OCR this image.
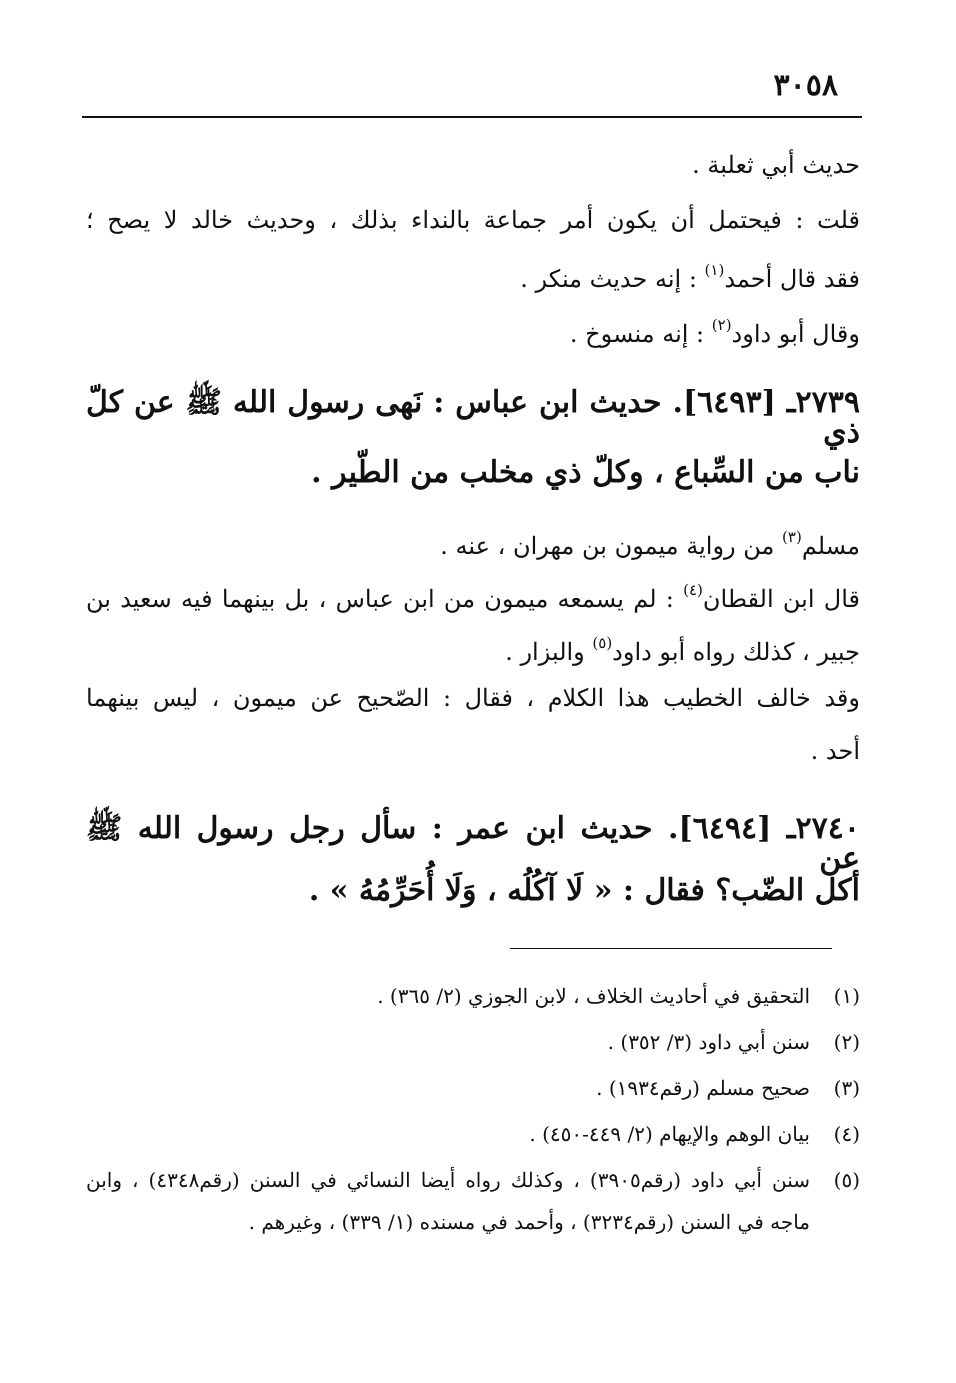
٣٠٥٨
حديث أبي ثعلبة .
قلت : فيحتمل أن يكون أمر جماعة بالنداء بذلك ، وحديث خالد لا يصح ؛
فقد قال أحمد$^{(١)}$ : إنه حديث منكر .
وقال أبو داود$^{(٢)}$ : إنه منسوخ .
٢٧٣٩ـ [٦٤٩٣]. حديث ابن عباس : نَهى رسول الله ﷺ عن كلّ ذي
ناب من السِّباع ، وكلّ ذي مخلب من الطّير .
مسلم$^{(٣)}$ من رواية ميمون بن مهران ، عنه .
قال ابن القطان$^{(٤)}$ : لم يسمعه ميمون من ابن عباس ، بل بينهما فيه سعيد بن
جبير ، كذلك رواه أبو داود$^{(٥)}$ والبزار .
وقد خالف الخطيب هذا الكلام ، فقال : الصّحيح عن ميمون ، ليس بينهما
أحد .
٢٧٤٠ـ [٦٤٩٤]. حديث ابن عمر : سأل رجل رسول الله ﷺ عن
أكل الضّب؟ فقال : « لَا آكُلُه ، وَلَا أُحَرِّمُهُ » .
(١)التحقيق في أحاديث الخلاف ، لابن الجوزي (٢/ ٣٦٥) .
(٢)سنن أبي داود (٣/ ٣٥٢) .
(٣)صحيح مسلم (رقم١٩٣٤) .
(٤)بيان الوهم والإيهام (٢/ ٤٤٩-٤٥٠) .
(٥)سنن أبي داود (رقم٣٩٠٥) ، وكذلك رواه أيضا النسائي في السنن (رقم٤٣٤٨) ، وابن
ماجه في السنن (رقم٣٢٣٤) ، وأحمد في مسنده (١/ ٣٣٩) ، وغيرهم .
